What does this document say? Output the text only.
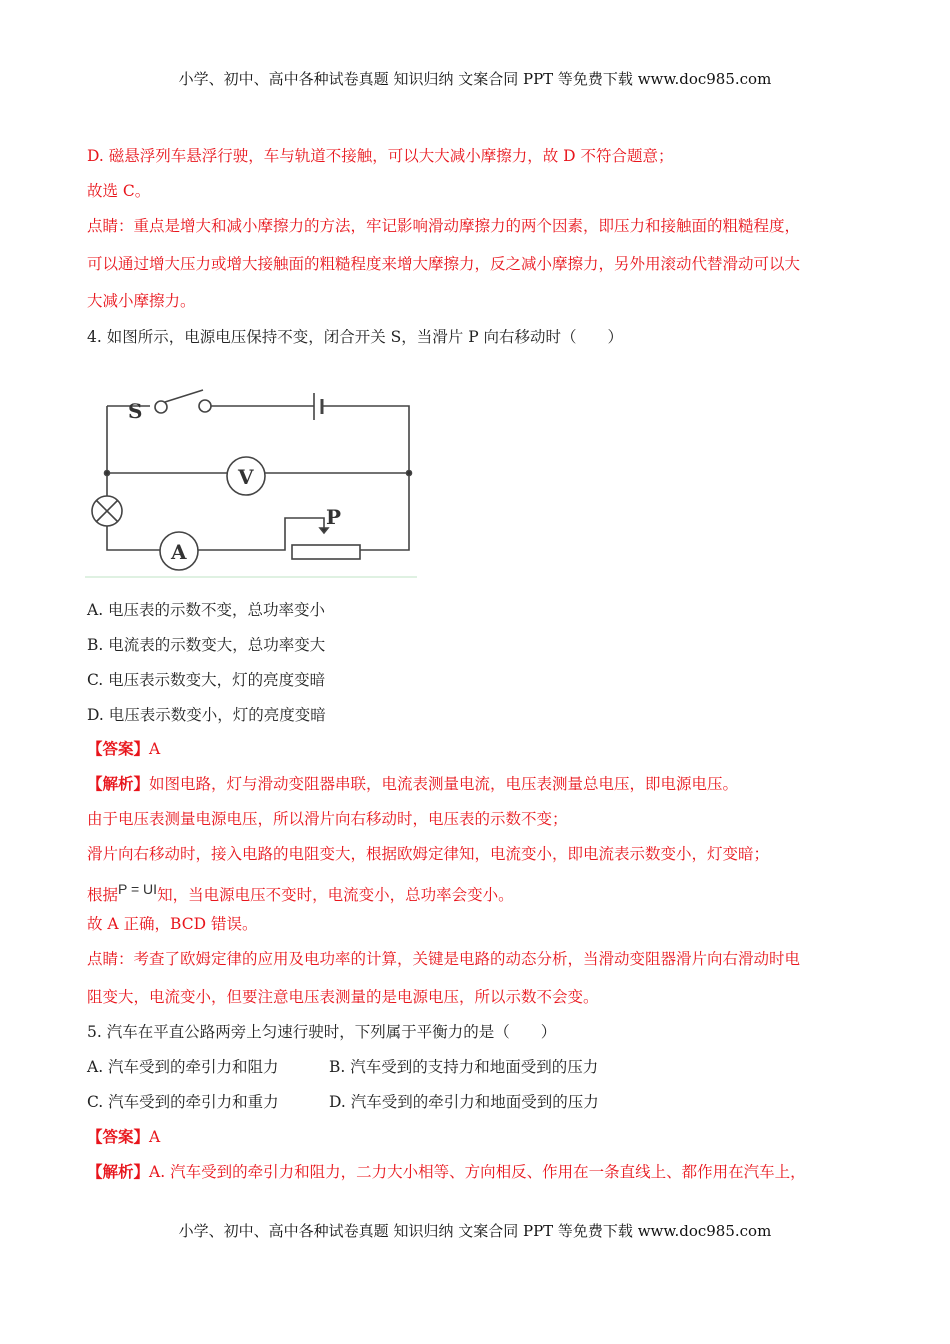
小学、初中、高中各种试卷真题 知识归纳 文案合同 PPT 等免费下载 www.doc985.com
D. 磁悬浮列车悬浮行驶，车与轨道不接触，可以大大减小摩擦力，故 D 不符合题意；
故选 C。
点睛：重点是增大和减小摩擦力的方法，牢记影响滑动摩擦力的两个因素，即压力和接触面的粗糙程度，
可以通过增大压力或增大接触面的粗糙程度来增大摩擦力，反之减小摩擦力，另外用滚动代替滑动可以大
大减小摩擦力。
4. 如图所示，电源电压保持不变，闭合开关 S，当滑片 P 向右移动时（　　）
S
V
A
P
A. 电压表的示数不变，总功率变小
B. 电流表的示数变大，总功率变大
C. 电压表示数变大，灯的亮度变暗
D. 电压表示数变小，灯的亮度变暗
【答案】A
【解析】如图电路，灯与滑动变阻器串联，电流表测量电流，电压表测量总电压，即电源电压。
由于电压表测量电源电压，所以滑片向右移动时，电压表的示数不变；
滑片向右移动时，接入电路的电阻变大，根据欧姆定律知，电流变小，即电流表示数变小，灯变暗；
根据$^{P = UI}$知，当电源电压不变时，电流变小，总功率会变小。
故 A 正确，BCD 错误。
点睛：考查了欧姆定律的应用及电功率的计算，关键是电路的动态分析，当滑动变阻器滑片向右滑动时电
阻变大，电流变小，但要注意电压表测量的是电源电压，所以示数不会变。
5. 汽车在平直公路两旁上匀速行驶时，下列属于平衡力的是（　　）
A. 汽车受到的牵引力和阻力	B. 汽车受到的支持力和地面受到的压力
C. 汽车受到的牵引力和重力	D. 汽车受到的牵引力和地面受到的压力
【答案】A
【解析】A. 汽车受到的牵引力和阻力，二力大小相等、方向相反、作用在一条直线上、都作用在汽车上，
小学、初中、高中各种试卷真题 知识归纳 文案合同 PPT 等免费下载 www.doc985.com
